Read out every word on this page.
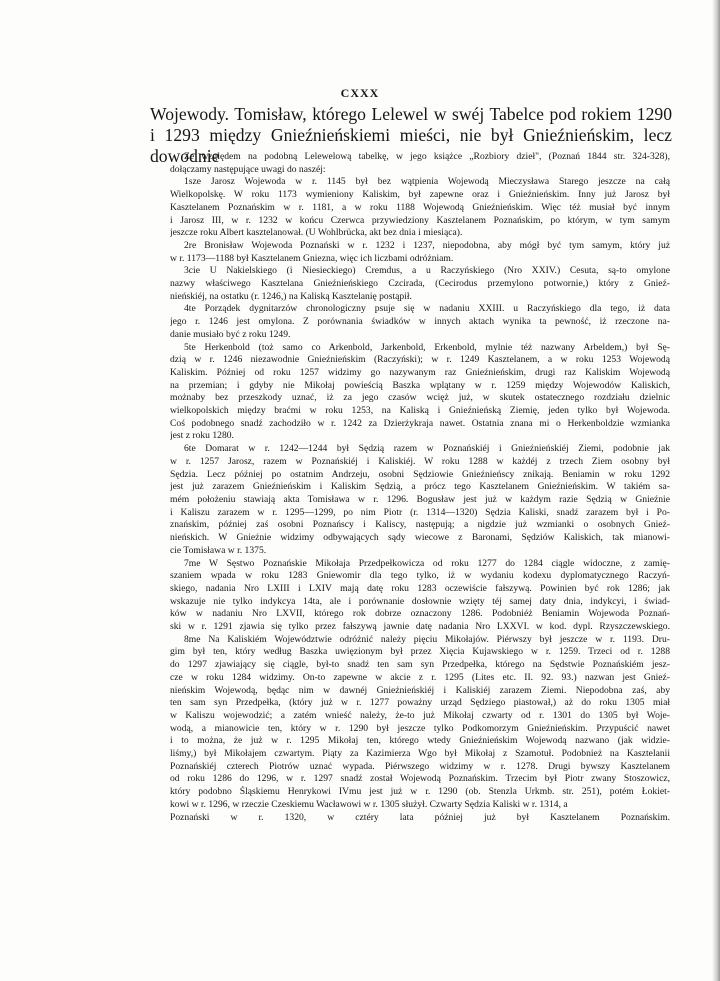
CXXX
Wojewody. Tomisław, którego Lelewel w swéj Tabelce pod rokiem 1290
i 1293 między Gnieźnieńskiemi mieści, nie był Gnieźnieńskim, lecz dowodnie
Ze względem na podobną Lelewelową tabelkę, w jego książce „Rozbiory dzieł", (Poznań 1844 str. 324-328),
dołączamy następujące uwagi do naszéj:
1sze Jarosz Wojewoda w r. 1145 był bez wątpienia Wojewodą Mieczysława Starego jeszcze na całą
Wielkopolskę. W roku 1173 wymieniony Kaliskim, był zapewne oraz i Gnieźnieńskim. Inny już Jarosz był
Kasztelanem Poznańskim w r. 1181, a w roku 1188 Wojewodą Gnieźnieńskim. Więc téż musiał być innym
i Jarosz III, w r. 1232 w końcu Czerwca przywiedziony Kasztelanem Poznańskim, po którym, w tym samym
jeszcze roku Albert kasztelanował. (U Wohlbrücka, akt bez dnia i miesiąca).
2re Bronisław Wojewoda Poznański w r. 1232 i 1237, niepodobna, aby mógł być tym samym, który już
w r. 1173—1188 był Kasztelanem Gniezna, więc ich liczbami odróżniam.
3cie U Nakielskiego (i Niesieckiego) Cremdus, a u Raczyńskiego (Nro XXIV.) Cesuta, są-to omylone
nazwy właściwego Kasztelana Gnieźnieńskiego Czcirada, (Cecirodus przemylono potwornie,) który z Gnieź-
nieńskiéj, na ostatku (r. 1246,) na Kaliską Kasztelanię postąpił.
4te Porządek dygnitarzów chronologiczny psuje się w nadaniu XXIII. u Raczyńskiego dla tego, iż data
jego r. 1246 jest omylona. Z porównania świadków w innych aktach wynika ta pewność, iż rzeczone na-
danie musiało być z roku 1249.
5te Herkenbold (toż samo co Arkenbold, Jarkenbold, Erkenbold, mylnie téż nazwany Arbeldem,) był Sę-
dzią w r. 1246 niezawodnie Gnieźnieńskim (Raczyński); w r. 1249 Kasztelanem, a w roku 1253 Wojewodą
Kaliskim. Później od roku 1257 widzimy go nazywanym raz Gnieźnieńskim, drugi raz Kaliskim Wojewodą
na przemian; i gdyby nie Mikołaj powieścią Baszka wplątany w r. 1259 między Wojewodów Kaliskich,
możnaby bez przeszkody uznać, iż za jego czasów wcięż już, w skutek ostatecznego rozdziału dzielnic
wielkopolskich między braćmi w roku 1253, na Kaliską i Gnieźnieńską Ziemię, jeden tylko był Wojewoda.
Coś podobnego snadź zachodziło w r. 1242 za Dzierżykraja nawet. Ostatnia znana mi o Herkenboldzie wzmianka
jest z roku 1280.
6te Domarat w r. 1242—1244 był Sędzią razem w Poznańskiéj i Gnieźnieńskiéj Ziemi, podobnie jak
w r. 1257 Jarosz, razem w Poznańskiéj i Kaliskiéj. W roku 1288 w każdéj z trzech Ziem osobny był
Sędzia. Lecz później po ostatnim Andrzeju, osobni Sędziowie Gnieźnieńscy znikają. Beniamin w roku 1292
jest już zarazem Gnieźnieńskim i Kaliskim Sędzią, a prócz tego Kasztelanem Gnieźnieńskim. W takiém sa-
mém położeniu stawiają akta Tomisława w r. 1296. Bogusław jest już w każdym razie Sędzią w Gnieźnie
i Kaliszu zarazem w r. 1295—1299, po nim Piotr (r. 1314—1320) Sędzia Kaliski, snadź zarazem był i Po-
znańskim, później zaś osobni Poznańscy i Kaliscy, następują; a nigdzie już wzmianki o osobnych Gnieź-
nieńskich. W Gnieźnie widzimy odbywających sądy wiecowe z Baronami, Sędziów Kaliskich, tak mianowi-
cie Tomisława w r. 1375.
7me W Sęstwo Poznańskie Mikołaja Przedpełkowicza od roku 1277 do 1284 ciągle widoczne, z zamię-
szaniem wpada w roku 1283 Gniewomir dla tego tylko, iż w wydaniu kodexu dyplomatycznego Raczyń-
skiego, nadania Nro LXIII i LXIV mają datę roku 1283 oczewiście fałszywą. Powinien być rok 1286; jak
wskazuje nie tylko indykcya 14ta, ale i porównanie dosłownie wzięty téj samej daty dnia, indykcyi, i świad-
ków w nadaniu Nro LXVII, którego rok dobrze oznaczony 1286. Podobniéż Beniamin Wojewoda Poznań-
ski w r. 1291 zjawia się tylko przez fałszywą jawnie datę nadania Nro LXXVI. w kod. dypl. Rzyszczewskiego.
8me Na Kaliskiém Województwie odróżnić należy pięciu Mikołajów. Piérwszy był jeszcze w r. 1193. Dru-
gim był ten, który według Baszka uwięzionym był przez Xięcia Kujawskiego w r. 1259. Trzeci od r. 1288
do 1297 zjawiający się ciągle, był-to snadź ten sam syn Przedpełka, którego na Sędstwie Poznańskiém jesz-
cze w roku 1284 widzimy. On-to zapewne w akcie z r. 1295 (Lites etc. II. 92. 93.) nazwan jest Gnieź-
nieńskim Wojewodą, będąc nim w dawnéj Gnieźnieńskiéj i Kaliskiéj zarazem Ziemi. Niepodobna zaś, aby
ten sam syn Przedpełka, (który już w r. 1277 poważny urząd Sędziego piastował,) aż do roku 1305 miał
w Kaliszu wojewodzić; a zatém wnieść należy, że-to już Mikołaj czwarty od r. 1301 do 1305 był Woje-
wodą, a mianowicie ten, który w r. 1290 był jeszcze tylko Podkomorzym Gnieźnieńskim. Przypuścić nawet
i to można, że już w r. 1295 Mikołaj ten, którego wtedy Gnieźnieńskim Wojewodą nazwano (jak widzie-
liśmy,) był Mikołajem czwartym. Piąty za Kazimierza Wgo był Mikołaj z Szamotuł. Podobnież na Kasztelanii
Poznańskiéj czterech Piotrów uznać wypada. Piérwszego widzimy w r. 1278. Drugi bywszy Kasztelanem
od roku 1286 do 1296, w r. 1297 snadź został Wojewodą Poznańskim. Trzecim był Piotr zwany Stoszowicz,
który podobno Śląskiemu Henrykowi IVmu jest już w r. 1290 (ob. Stenzla Urkmb. str. 251), potém Łokiet-
kowi w r. 1296, w rzeczie Czeskiemu Wacławowi w r. 1305 służył. Czwarty Sędzia Kaliski w r. 1314, a
Poznański w r. 1320, w cztéry lata później już był Kasztelanem Poznańskim.
